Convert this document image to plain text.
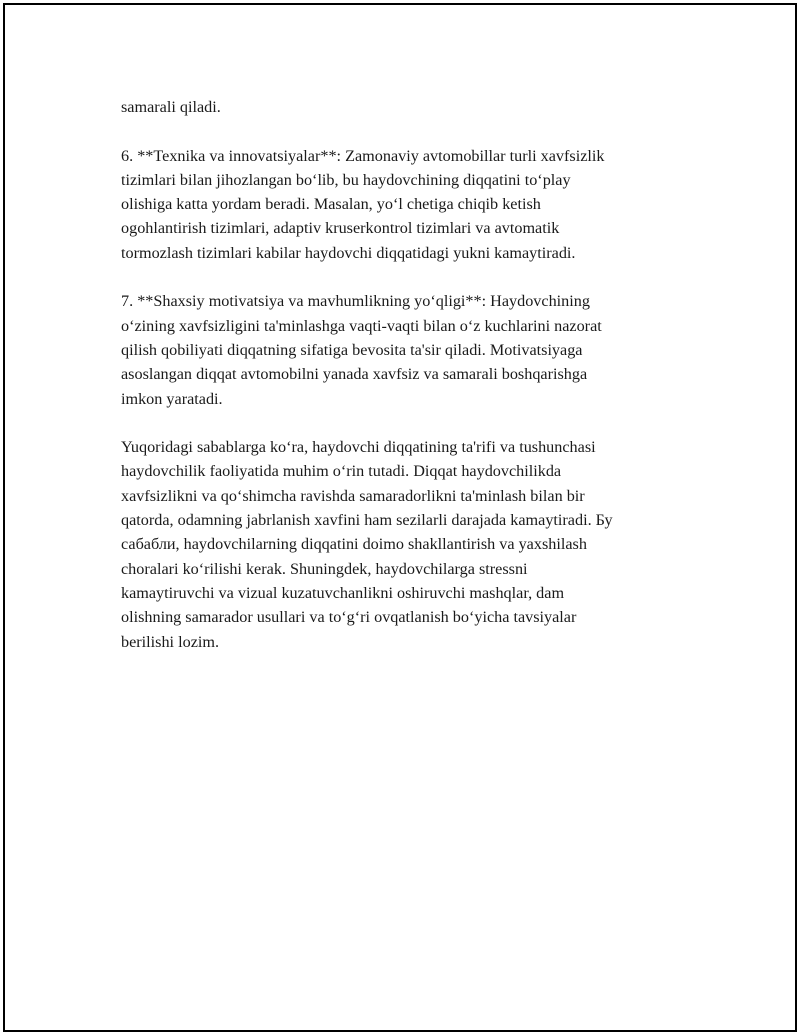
samarali qiladi.

6. **Texnika va innovatsiyalar**: Zamonaviy avtomobillar turli xavfsizlik
tizimlari bilan jihozlangan bo‘lib, bu haydovchining diqqatini to‘play
olishiga katta yordam beradi. Masalan, yo‘l chetiga chiqib ketish
ogohlantirish tizimlari, adaptiv kruserkontrol tizimlari va avtomatik
tormozlash tizimlari kabilar haydovchi diqqatidagi yukni kamaytiradi.

7. **Shaxsiy motivatsiya va mavhumlikning yo‘qligi**: Haydovchining
o‘zining xavfsizligini ta'minlashga vaqti-vaqti bilan o‘z kuchlarini nazorat
qilish qobiliyati diqqatning sifatiga bevosita ta'sir qiladi. Motivatsiyaga
asoslangan diqqat avtomobilni yanada xavfsiz va samarali boshqarishga
imkon yaratadi.

Yuqoridagi sabablarga ko‘ra, haydovchi diqqatining ta'rifi va tushunchasi
haydovchilik faoliyatida muhim o‘rin tutadi. Diqqat haydovchilikda
xavfsizlikni va qo‘shimcha ravishda samaradorlikni ta'minlash bilan bir
qatorda, odamning jabrlanish xavfini ham sezilarli darajada kamaytiradi. Бу
сабабли, haydovchilarning diqqatini doimo shakllantirish va yaxshilash
choralari ko‘rilishi kerak. Shuningdek, haydovchilarga stressni
kamaytiruvchi va vizual kuzatuvchanlikni oshiruvchi mashqlar, dam
olishning samarador usullari va to‘g‘ri ovqatlanish bo‘yicha tavsiyalar
berilishi lozim.
